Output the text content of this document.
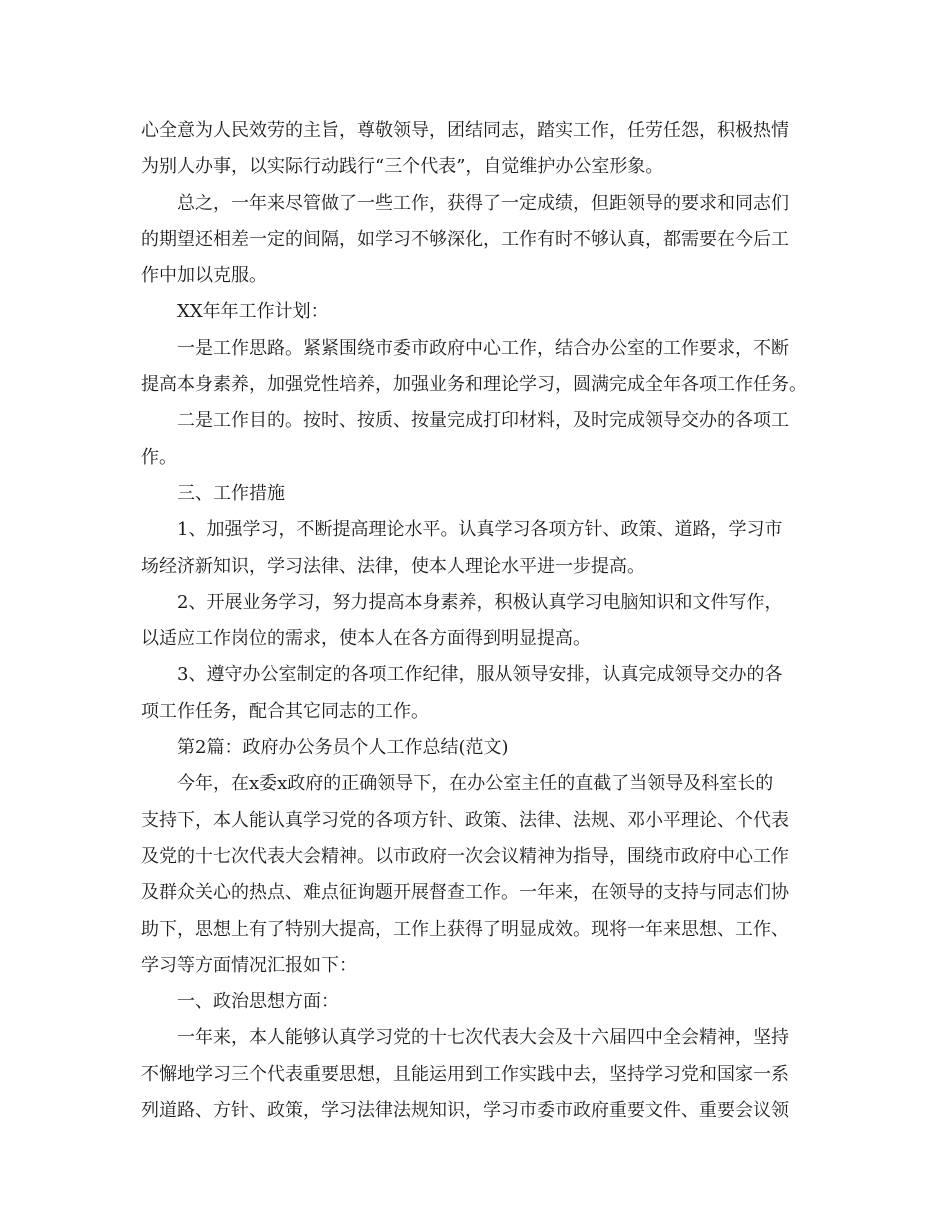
心全意为人民效劳的主旨，尊敬领导，团结同志，踏实工作，任劳任怨，积极热情
为别人办事，以实际行动践行“三个代表”，自觉维护办公室形象。
总之，一年来尽管做了一些工作，获得了一定成绩，但距领导的要求和同志们
的期望还相差一定的间隔，如学习不够深化，工作有时不够认真，都需要在今后工
作中加以克服。
XX年年工作计划：
一是工作思路。紧紧围绕市委市政府中心工作，结合办公室的工作要求，不断
提高本身素养，加强党性培养，加强业务和理论学习，圆满完成全年各项工作任务。
二是工作目的。按时、按质、按量完成打印材料，及时完成领导交办的各项工
作。
三、工作措施
1、加强学习，不断提高理论水平。认真学习各项方针、政策、道路，学习市
场经济新知识，学习法律、法律，使本人理论水平进一步提高。
2、开展业务学习，努力提高本身素养，积极认真学习电脑知识和文件写作，
以适应工作岗位的需求，使本人在各方面得到明显提高。
3、遵守办公室制定的各项工作纪律，服从领导安排，认真完成领导交办的各
项工作任务，配合其它同志的工作。
第2篇：政府办公务员个人工作总结(范文)
今年，在x委x政府的正确领导下，在办公室主任的直截了当领导及科室长的
支持下，本人能认真学习党的各项方针、政策、法律、法规、邓小平理论、个代表
及党的十七次代表大会精神。以市政府一次会议精神为指导，围绕市政府中心工作
及群众关心的热点、难点征询题开展督查工作。一年来，在领导的支持与同志们协
助下，思想上有了特别大提高，工作上获得了明显成效。现将一年来思想、工作、
学习等方面情况汇报如下：
一、政治思想方面：
一年来，本人能够认真学习党的十七次代表大会及十六届四中全会精神，坚持
不懈地学习三个代表重要思想，且能运用到工作实践中去，坚持学习党和国家一系
列道路、方针、政策，学习法律法规知识，学习市委市政府重要文件、重要会议领
